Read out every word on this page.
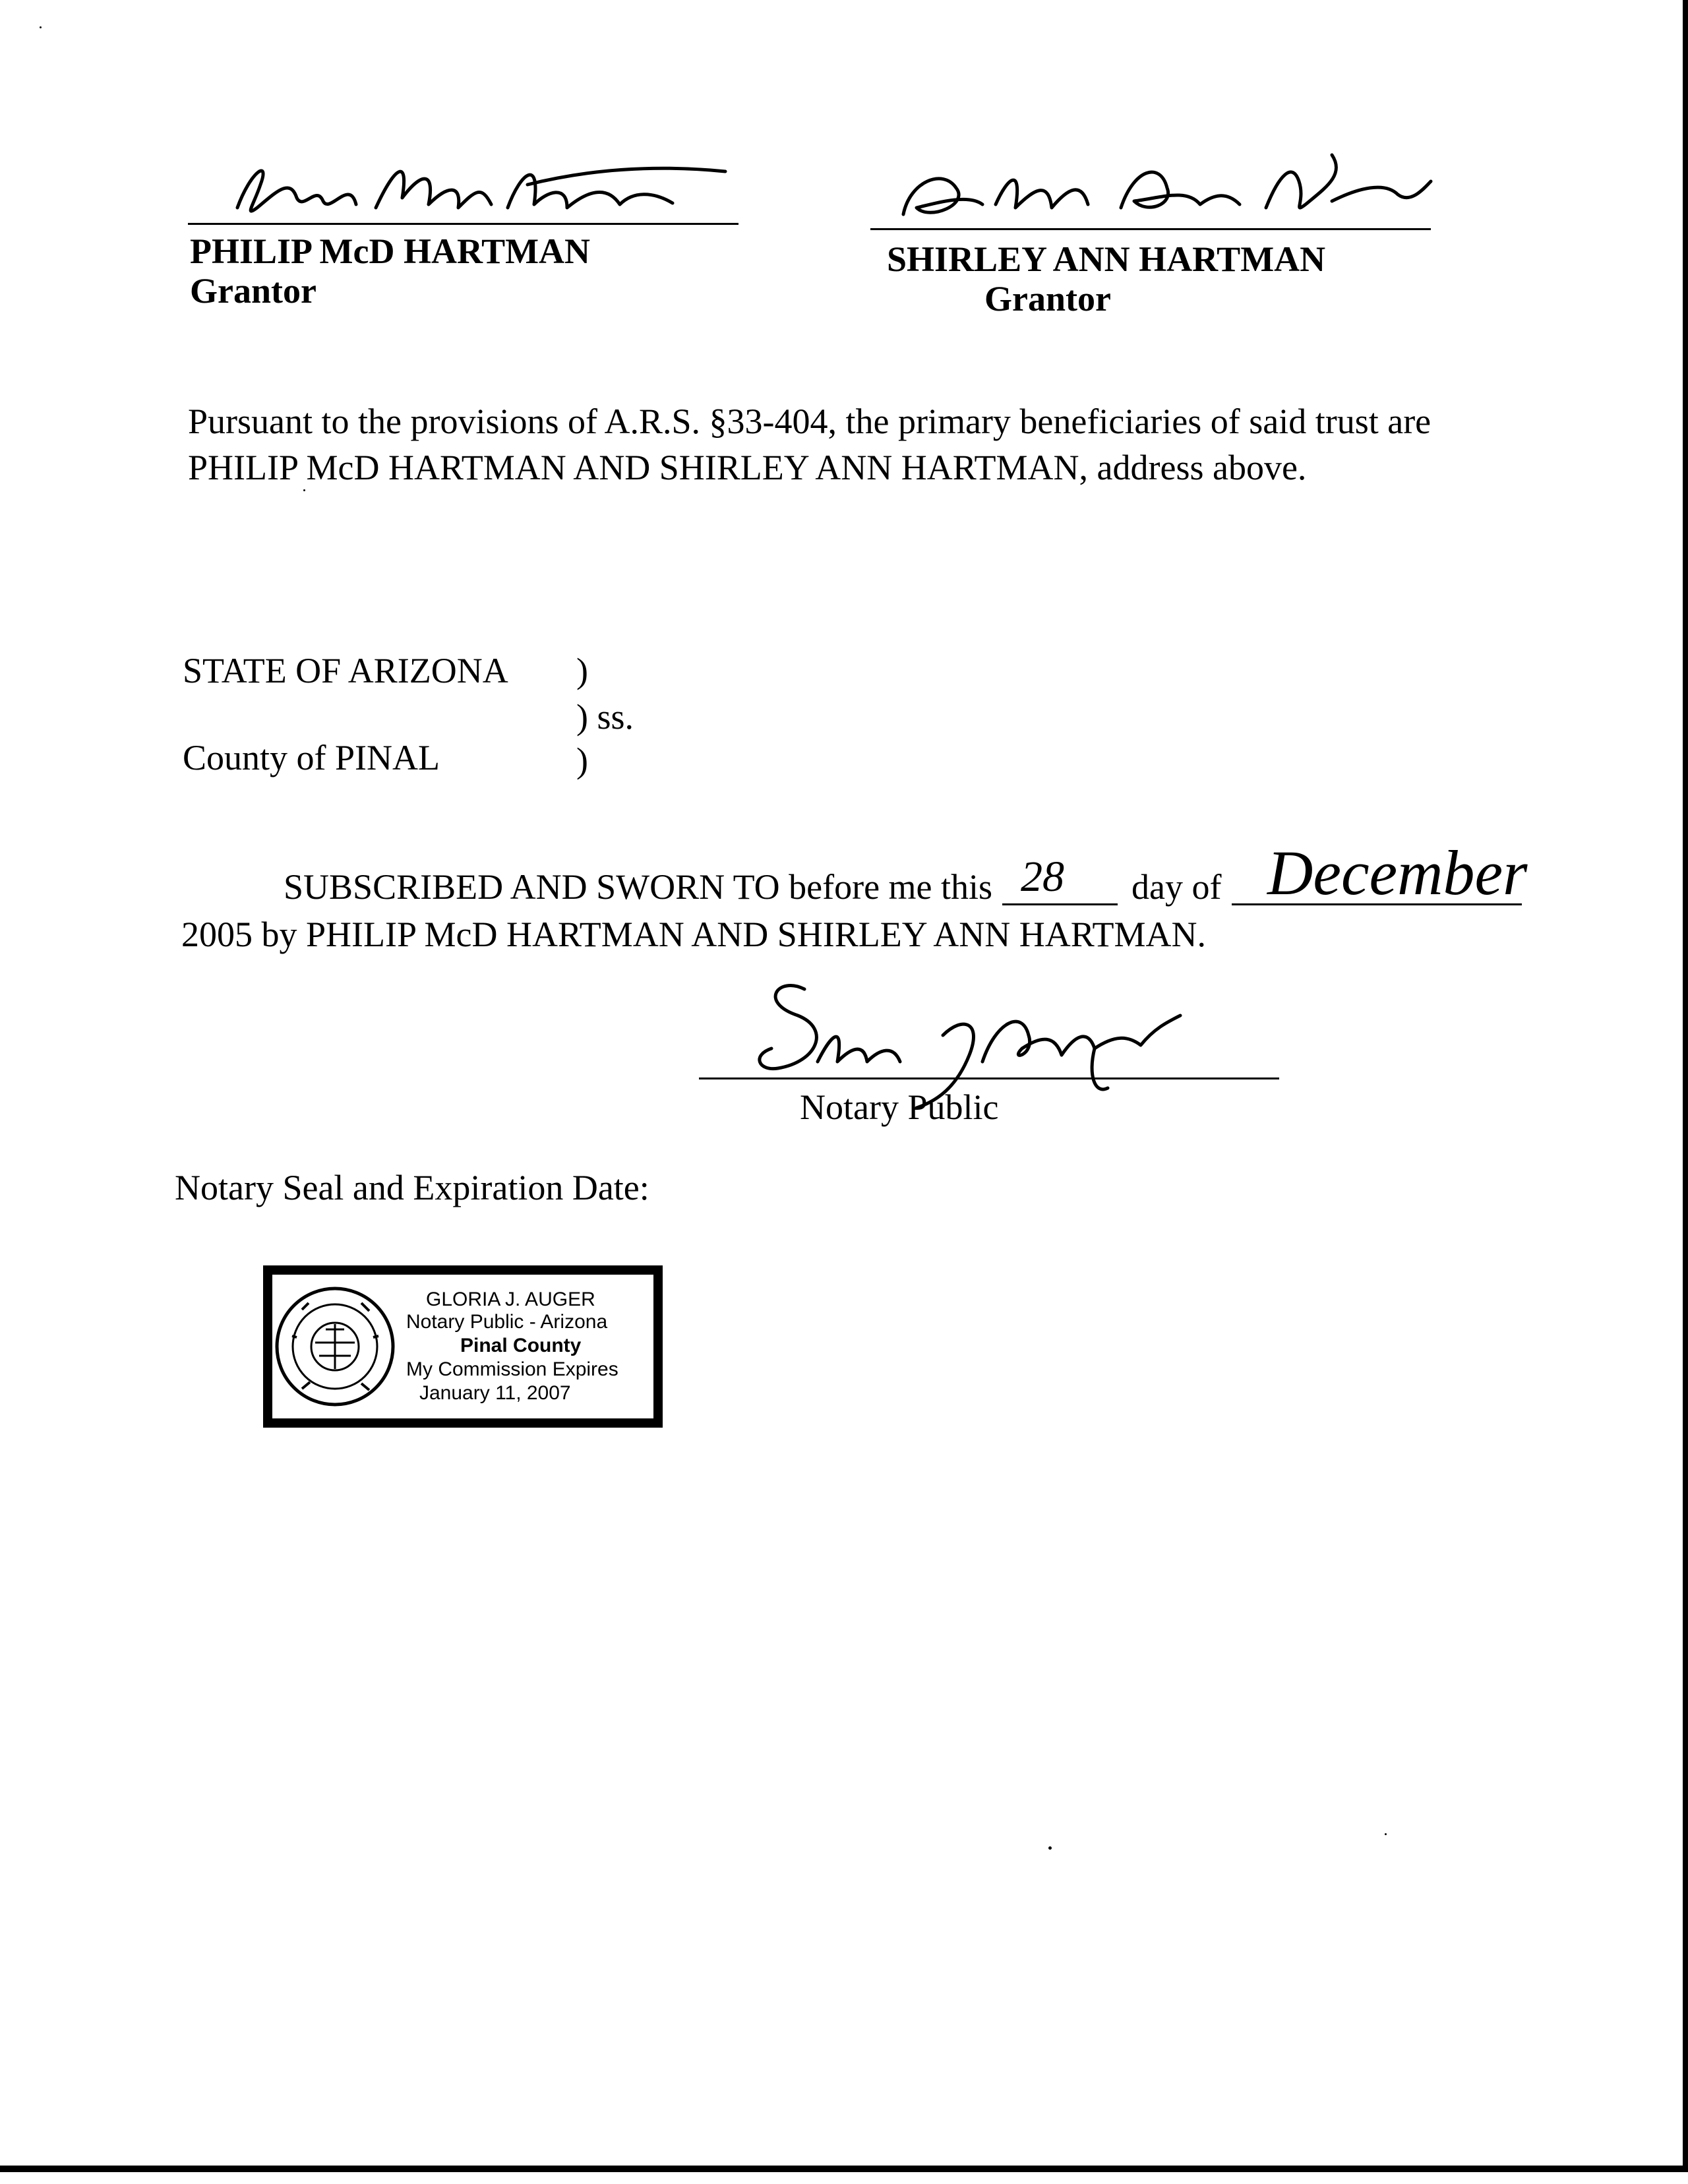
PHILIP McD HARTMAN
Grantor
SHIRLEY ANN HARTMAN
Grantor
Pursuant to the provisions of A.R.S. §33-404, the primary beneficiaries of said trust are
PHILIP McD HARTMAN AND SHIRLEY ANN HARTMAN, address above.
STATE OF ARIZONA )
) ss.
County of PINAL	)
SUBSCRIBED AND SWORN TO before me this 28 day of December
2005 by PHILIP McD HARTMAN AND SHIRLEY ANN HARTMAN.
Notary Public
Notary Seal and Expiration Date:
GLORIA J. AUGER
Notary Public - Arizona
Pinal County
My Commission Expires
January 11, 2007
